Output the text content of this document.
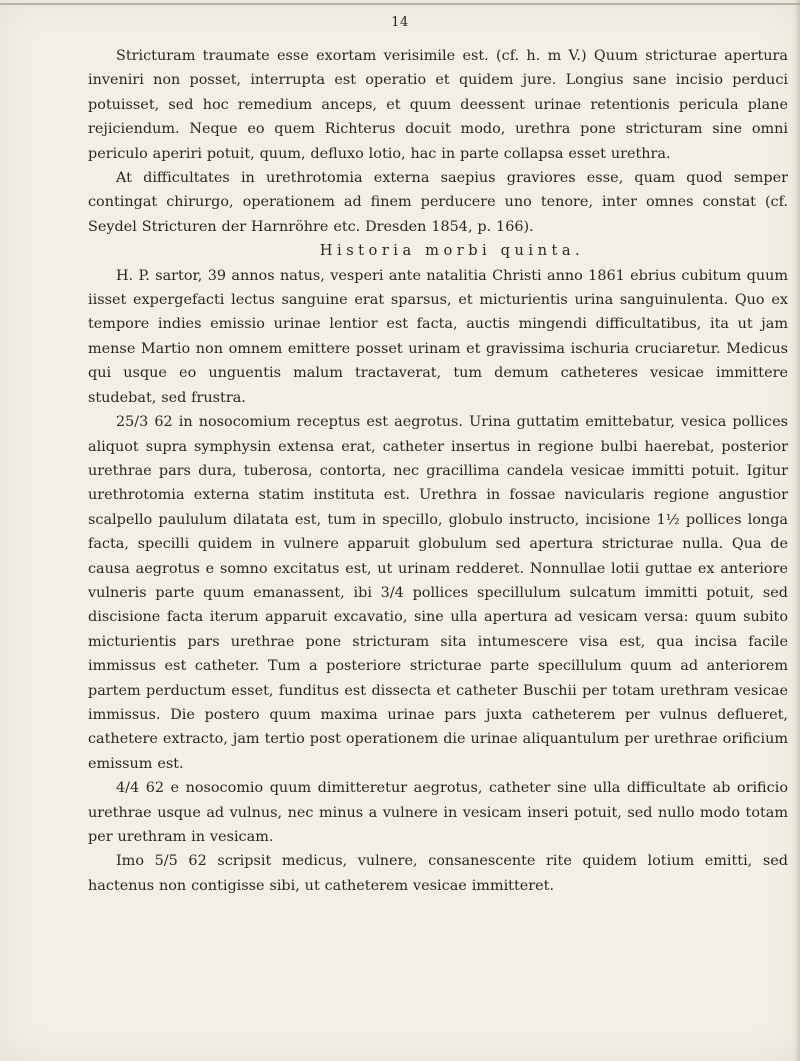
14

Stricturam traumate esse exortam verisimile est. (cf. h. m V.) Quum stricturae apertura inveniri non posset, interrupta est operatio et quidem jure. Longius sane incisio perduci potuisset, sed hoc remedium anceps, et quum deessent urinae retentionis pericula plane rejiciendum. Neque eo quem Richterus docuit modo, urethra pone stricturam sine omni periculo aperiri potuit, quum, defluxo lotio, hac in parte collapsa esset urethra.

At difficultates in urethrotomia externa saepius graviores esse, quam quod semper contingat chirurgo, operationem ad finem perducere uno tenore, inter omnes constat (cf. Seydel Stricturen der Harnröhre etc. Dresden 1854, p. 166).

Historia morbi quinta.

H. P. sartor, 39 annos natus, vesperi ante natalitia Christi anno 1861 ebrius cubitum quum iisset expergefacti lectus sanguine erat sparsus, et micturientis urina sanguinulenta. Quo ex tempore indies emissio urinae lentior est facta, auctis mingendi difficultatibus, ita ut jam mense Martio non omnem emittere posset urinam et gravissima ischuria cruciaretur. Medicus qui usque eo unguentis malum tractaverat, tum demum catheteres vesicae immittere studebat, sed frustra.

25/3 62 in nosocomium receptus est aegrotus. Urina guttatim emittebatur, vesica pollices aliquot supra symphysin extensa erat, catheter insertus in regione bulbi haerebat, posterior urethrae pars dura, tuberosa, contorta, nec gracillima candela vesicae immitti potuit. Igitur urethrotomia externa statim instituta est. Urethra in fossae navicularis regione angustior scalpello paululum dilatata est, tum in specillo, globulo instructo, incisione 1½ pollices longa facta, specilli quidem in vulnere apparuit globulum sed apertura stricturae nulla. Qua de causa aegrotus e somno excitatus est, ut urinam redderet. Nonnullae lotii guttae ex anteriore vulneris parte quum emanassent, ibi 3/4 pollices specillulum sulcatum immitti potuit, sed discisione facta iterum apparuit excavatio, sine ulla apertura ad vesicam versa: quum subito micturientis pars urethrae pone stricturam sita intumescere visa est, qua incisa facile immissus est catheter. Tum a posteriore stricturae parte specillulum quum ad anteriorem partem perductum esset, funditus est dissecta et catheter Buschii per totam urethram vesicae immissus. Die postero quum maxima urinae pars juxta catheterem per vulnus deflueret, cathetere extracto, jam tertio post operationem die urinae aliquantulum per urethrae orificium emissum est.

4/4 62 e nosocomio quum dimitteretur aegrotus, catheter sine ulla difficultate ab orificio urethrae usque ad vulnus, nec minus a vulnere in vesicam inseri potuit, sed nullo modo totam per urethram in vesicam.

Imo 5/5 62 scripsit medicus, vulnere, consanescente rite quidem lotium emitti, sed hactenus non contigisse sibi, ut catheterem vesicae immitteret.
